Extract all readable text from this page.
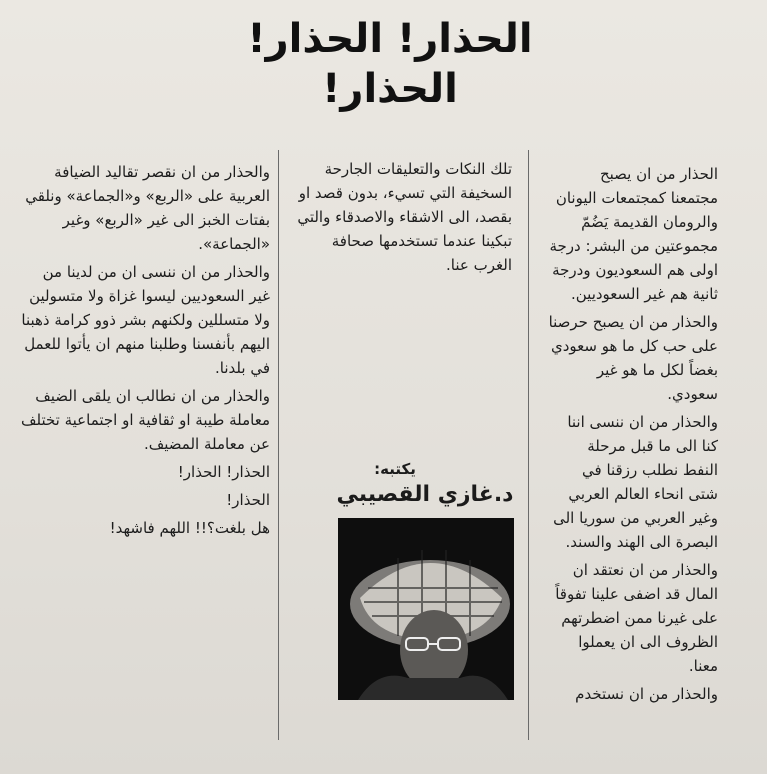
الحذار! الحذار!
الحذار!

الحذار من ان يصبح مجتمعنا كمجتمعات اليونان والرومان القديمة يَضُمّ مجموعتين من البشر: درجة اولى هم السعوديون ودرجة ثانية هم غير السعوديين.

والحذار من ان يصبح حرصنا على حب كل ما هو سعودي بغضاً لكل ما هو غير سعودي.

والحذار من ان ننسى اننا كنا الى ما قبل مرحلة النفط نطلب رزقنا في شتى انحاء العالم العربي وغير العربي من سوريا الى البصرة الى الهند والسند.

والحذار من ان نعتقد ان المال قد اضفى علينا تفوقاً على غيرنا ممن اضطرتهم الظروف الى ان يعملوا معنا.

والحذار من ان نستخدم

تلك النكات والتعليقات الجارحة السخيفة التي تسيء، بدون قصد او بقصد، الى الاشقاء والاصدقاء والتي تبكينا عندما تستخدمها صحافة الغرب عنا.

يكتبه:
د.غازي القصيبي

والحذار من ان نقصر تقاليد الضيافة العربية على «الربع» و«الجماعة» ونلقي بفتات الخبز الى غير «الربع» وغير «الجماعة».

والحذار من ان ننسى ان من لدينا من غير السعوديين ليسوا غزاة ولا متسولين ولا متسللين ولكنهم بشر ذوو كرامة ذهبنا اليهم بأنفسنا وطلبنا منهم ان يأتوا للعمل في بلدنا.

والحذار من ان نطالب ان يلقى الضيف معاملة طيبة او ثقافية او اجتماعية تختلف عن معاملة المضيف.

الحذار! الحذار!

الحذار!

هل بلغت؟!! اللهم فاشهد!
